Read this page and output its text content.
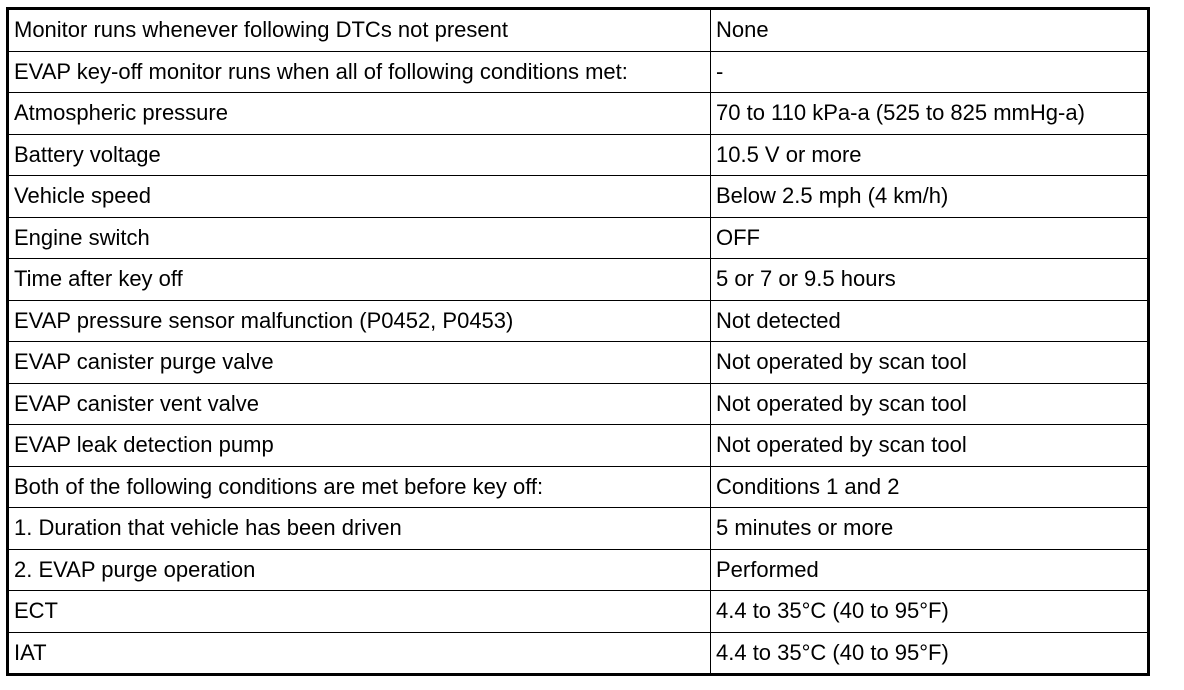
Monitor runs whenever following DTCs not present	None
EVAP key-off monitor runs when all of following conditions met:	-
Atmospheric pressure	70 to 110 kPa-a (525 to 825 mmHg-a)
Battery voltage	10.5 V or more
Vehicle speed	Below 2.5 mph (4 km/h)
Engine switch	OFF
Time after key off	5 or 7 or 9.5 hours
EVAP pressure sensor malfunction (P0452, P0453)	Not detected
EVAP canister purge valve	Not operated by scan tool
EVAP canister vent valve	Not operated by scan tool
EVAP leak detection pump	Not operated by scan tool
Both of the following conditions are met before key off:	Conditions 1 and 2
1. Duration that vehicle has been driven	5 minutes or more
2. EVAP purge operation	Performed
ECT	4.4 to 35°C (40 to 95°F)
IAT	4.4 to 35°C (40 to 95°F)
